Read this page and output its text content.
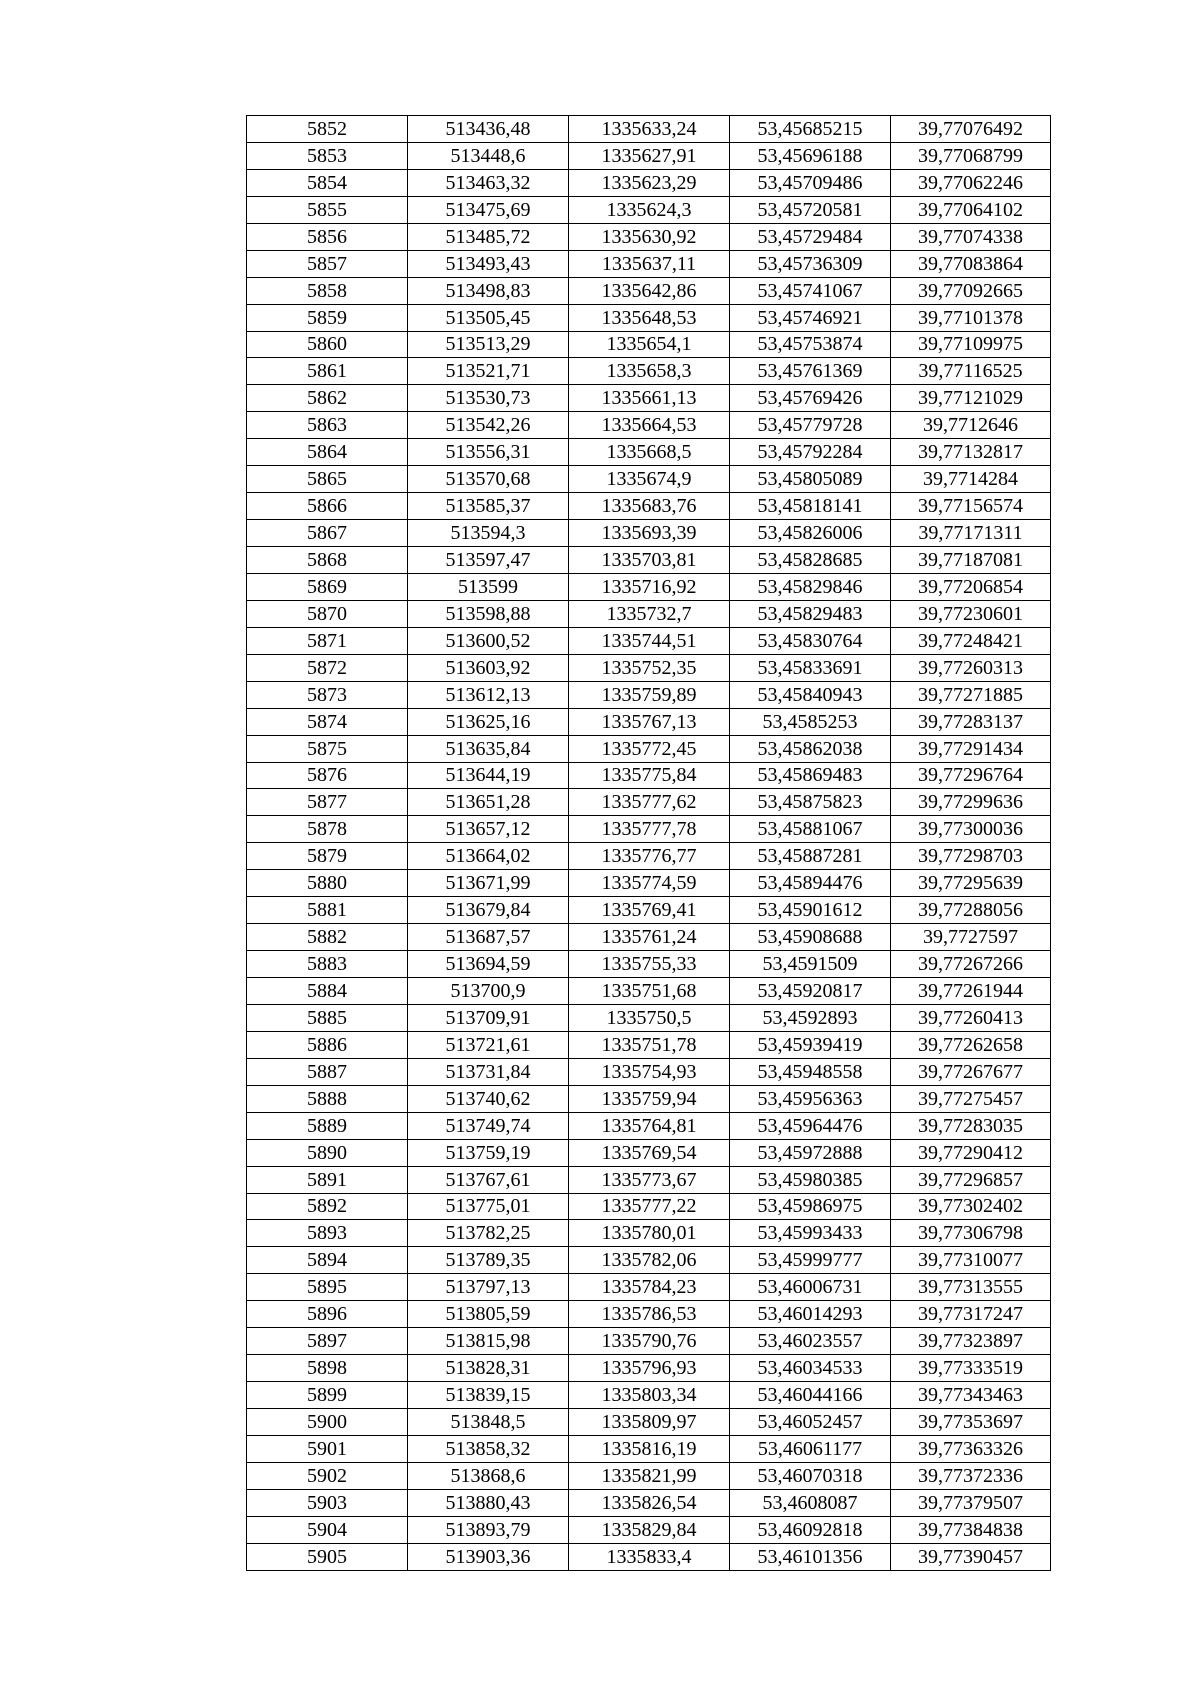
5852	513436,48	1335633,24	53,45685215	39,77076492
5853	513448,6	1335627,91	53,45696188	39,77068799
5854	513463,32	1335623,29	53,45709486	39,77062246
5855	513475,69	1335624,3	53,45720581	39,77064102
5856	513485,72	1335630,92	53,45729484	39,77074338
5857	513493,43	1335637,11	53,45736309	39,77083864
5858	513498,83	1335642,86	53,45741067	39,77092665
5859	513505,45	1335648,53	53,45746921	39,77101378
5860	513513,29	1335654,1	53,45753874	39,77109975
5861	513521,71	1335658,3	53,45761369	39,77116525
5862	513530,73	1335661,13	53,45769426	39,77121029
5863	513542,26	1335664,53	53,45779728	39,7712646
5864	513556,31	1335668,5	53,45792284	39,77132817
5865	513570,68	1335674,9	53,45805089	39,7714284
5866	513585,37	1335683,76	53,45818141	39,77156574
5867	513594,3	1335693,39	53,45826006	39,77171311
5868	513597,47	1335703,81	53,45828685	39,77187081
5869	513599	1335716,92	53,45829846	39,77206854
5870	513598,88	1335732,7	53,45829483	39,77230601
5871	513600,52	1335744,51	53,45830764	39,77248421
5872	513603,92	1335752,35	53,45833691	39,77260313
5873	513612,13	1335759,89	53,45840943	39,77271885
5874	513625,16	1335767,13	53,4585253	39,77283137
5875	513635,84	1335772,45	53,45862038	39,77291434
5876	513644,19	1335775,84	53,45869483	39,77296764
5877	513651,28	1335777,62	53,45875823	39,77299636
5878	513657,12	1335777,78	53,45881067	39,77300036
5879	513664,02	1335776,77	53,45887281	39,77298703
5880	513671,99	1335774,59	53,45894476	39,77295639
5881	513679,84	1335769,41	53,45901612	39,77288056
5882	513687,57	1335761,24	53,45908688	39,7727597
5883	513694,59	1335755,33	53,4591509	39,77267266
5884	513700,9	1335751,68	53,45920817	39,77261944
5885	513709,91	1335750,5	53,4592893	39,77260413
5886	513721,61	1335751,78	53,45939419	39,77262658
5887	513731,84	1335754,93	53,45948558	39,77267677
5888	513740,62	1335759,94	53,45956363	39,77275457
5889	513749,74	1335764,81	53,45964476	39,77283035
5890	513759,19	1335769,54	53,45972888	39,77290412
5891	513767,61	1335773,67	53,45980385	39,77296857
5892	513775,01	1335777,22	53,45986975	39,77302402
5893	513782,25	1335780,01	53,45993433	39,77306798
5894	513789,35	1335782,06	53,45999777	39,77310077
5895	513797,13	1335784,23	53,46006731	39,77313555
5896	513805,59	1335786,53	53,46014293	39,77317247
5897	513815,98	1335790,76	53,46023557	39,77323897
5898	513828,31	1335796,93	53,46034533	39,77333519
5899	513839,15	1335803,34	53,46044166	39,77343463
5900	513848,5	1335809,97	53,46052457	39,77353697
5901	513858,32	1335816,19	53,46061177	39,77363326
5902	513868,6	1335821,99	53,46070318	39,77372336
5903	513880,43	1335826,54	53,4608087	39,77379507
5904	513893,79	1335829,84	53,46092818	39,77384838
5905	513903,36	1335833,4	53,46101356	39,77390457
